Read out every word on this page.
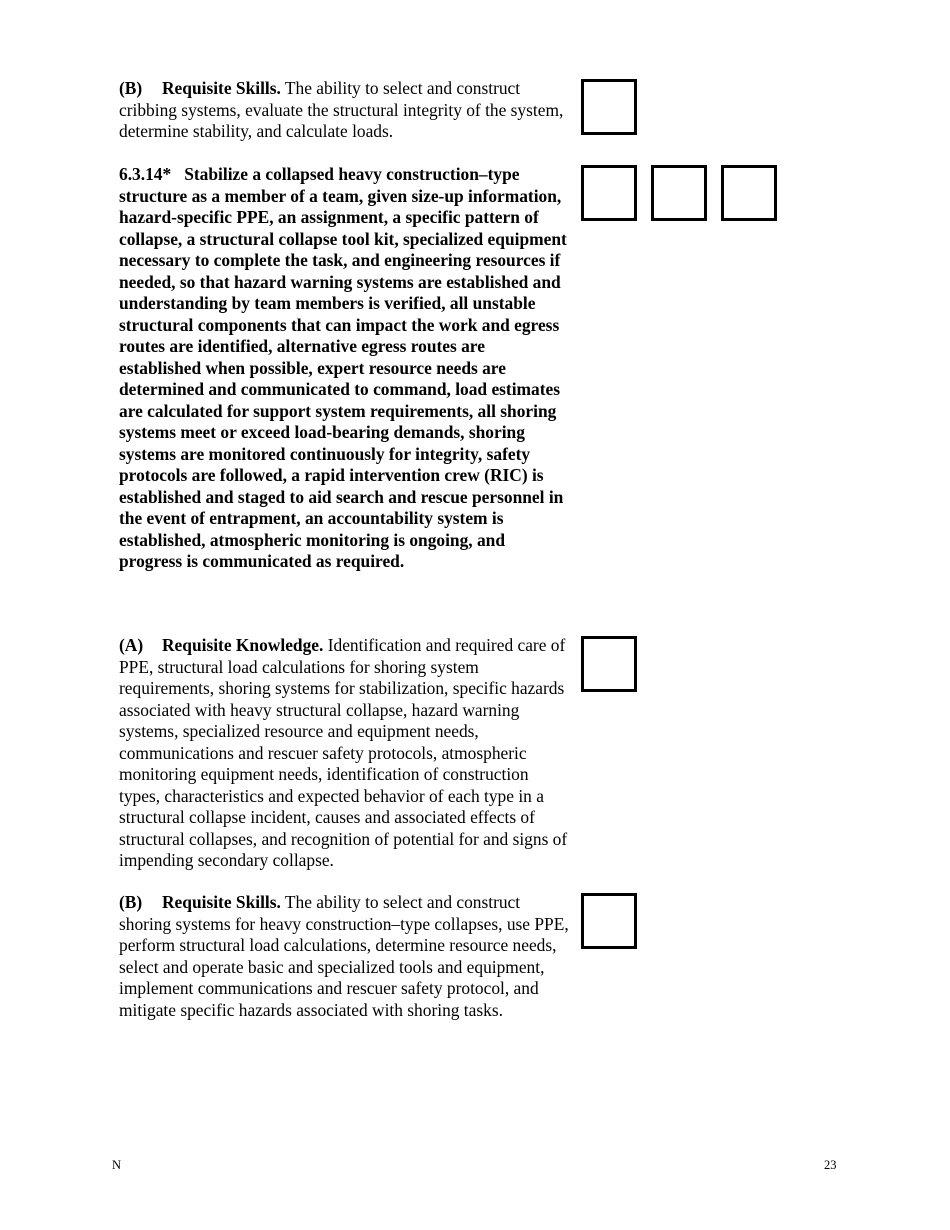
(B) Requisite Skills. The ability to select and construct cribbing systems, evaluate the structural integrity of the system, determine stability, and calculate loads.

6.3.14* Stabilize a collapsed heavy construction–type structure as a member of a team, given size-up information, hazard-specific PPE, an assignment, a specific pattern of collapse, a structural collapse tool kit, specialized equipment necessary to complete the task, and engineering resources if needed, so that hazard warning systems are established and understanding by team members is verified, all unstable structural components that can impact the work and egress routes are identified, alternative egress routes are established when possible, expert resource needs are determined and communicated to command, load estimates are calculated for support system requirements, all shoring systems meet or exceed load-bearing demands, shoring systems are monitored continuously for integrity, safety protocols are followed, a rapid intervention crew (RIC) is established and staged to aid search and rescue personnel in the event of entrapment, an accountability system is established, atmospheric monitoring is ongoing, and progress is communicated as required.

(A) Requisite Knowledge. Identification and required care of PPE, structural load calculations for shoring system requirements, shoring systems for stabilization, specific hazards associated with heavy structural collapse, hazard warning systems, specialized resource and equipment needs, communications and rescuer safety protocols, atmospheric monitoring equipment needs, identification of construction types, characteristics and expected behavior of each type in a structural collapse incident, causes and associated effects of structural collapses, and recognition of potential for and signs of impending secondary collapse.

(B) Requisite Skills. The ability to select and construct shoring systems for heavy construction–type collapses, use PPE, perform structural load calculations, determine resource needs, select and operate basic and specialized tools and equipment, implement communications and rescuer safety protocol, and mitigate specific hazards associated with shoring tasks.

N	23
